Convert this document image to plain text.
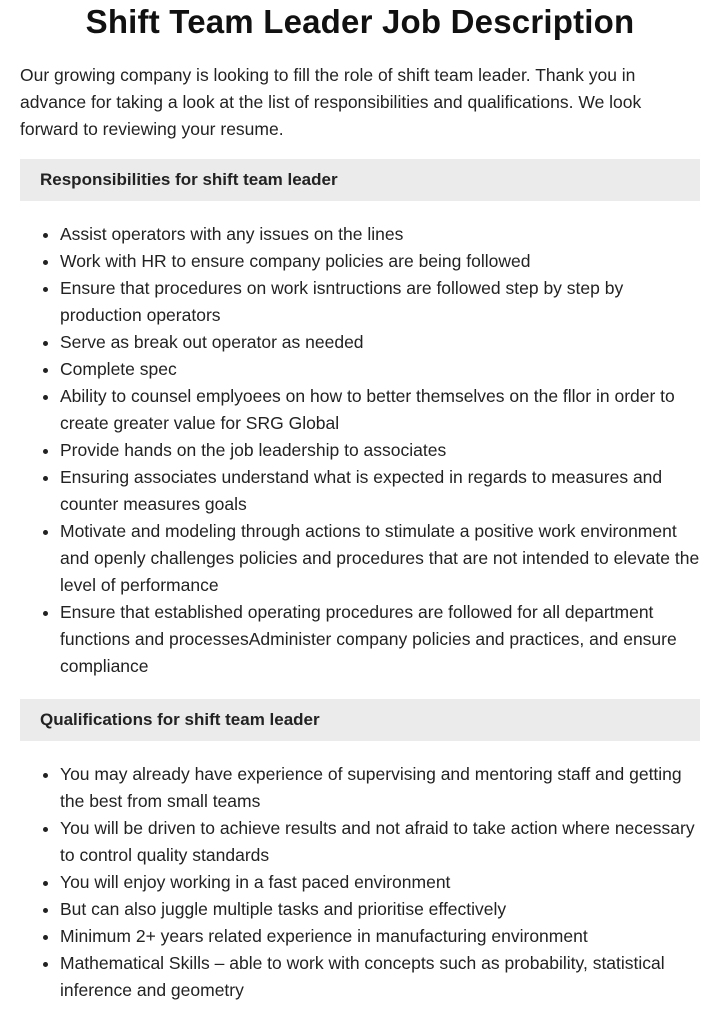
Shift Team Leader Job Description

Our growing company is looking to fill the role of shift team leader. Thank you in advance for taking a look at the list of responsibilities and qualifications. We look forward to reviewing your resume.

Responsibilities for shift team leader
• Assist operators with any issues on the lines
• Work with HR to ensure company policies are being followed
• Ensure that procedures on work isntructions are followed step by step by production operators
• Serve as break out operator as needed
• Complete spec
• Ability to counsel emplyoees on how to better themselves on the fllor in order to create greater value for SRG Global
• Provide hands on the job leadership to associates
• Ensuring associates understand what is expected in regards to measures and counter measures goals
• Motivate and modeling through actions to stimulate a positive work environment and openly challenges policies and procedures that are not intended to elevate the level of performance
• Ensure that established operating procedures are followed for all department functions and processesAdminister company policies and practices, and ensure compliance
Qualifications for shift team leader
• You may already have experience of supervising and mentoring staff and getting the best from small teams
• You will be driven to achieve results and not afraid to take action where necessary to control quality standards
• You will enjoy working in a fast paced environment
• But can also juggle multiple tasks and prioritise effectively
• Minimum 2+ years related experience in manufacturing environment
• Mathematical Skills – able to work with concepts such as probability, statistical inference and geometry
